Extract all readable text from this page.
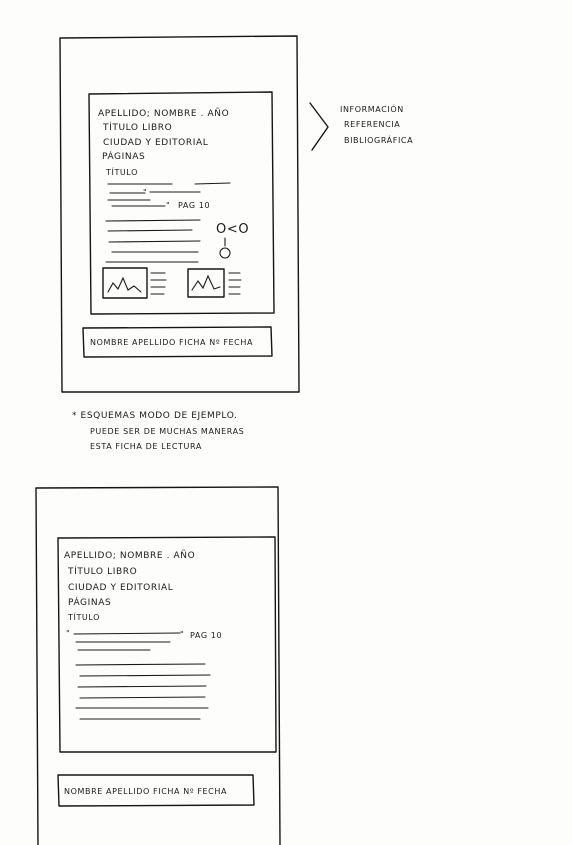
APELLIDO; NOMBRE . AÑO
TÍTULO LIBRO
CIUDAD Y EDITORIAL
PÁGINAS
TÍTULO
"
" PAG 10
O<O
NOMBRE APELLIDO FICHA Nº FECHA
INFORMACIÓN
REFERENCIA
BIBLIOGRÁFICA
* ESQUEMAS MODO DE EJEMPLO.
PUEDE SER DE MUCHAS MANERAS
ESTA FICHA DE LECTURA
APELLIDO; NOMBRE . AÑO
TÍTULO LIBRO
CIUDAD Y EDITORIAL
PÁGINAS
TÍTULO
"	" PAG 10
NOMBRE APELLIDO FICHA Nº FECHA
